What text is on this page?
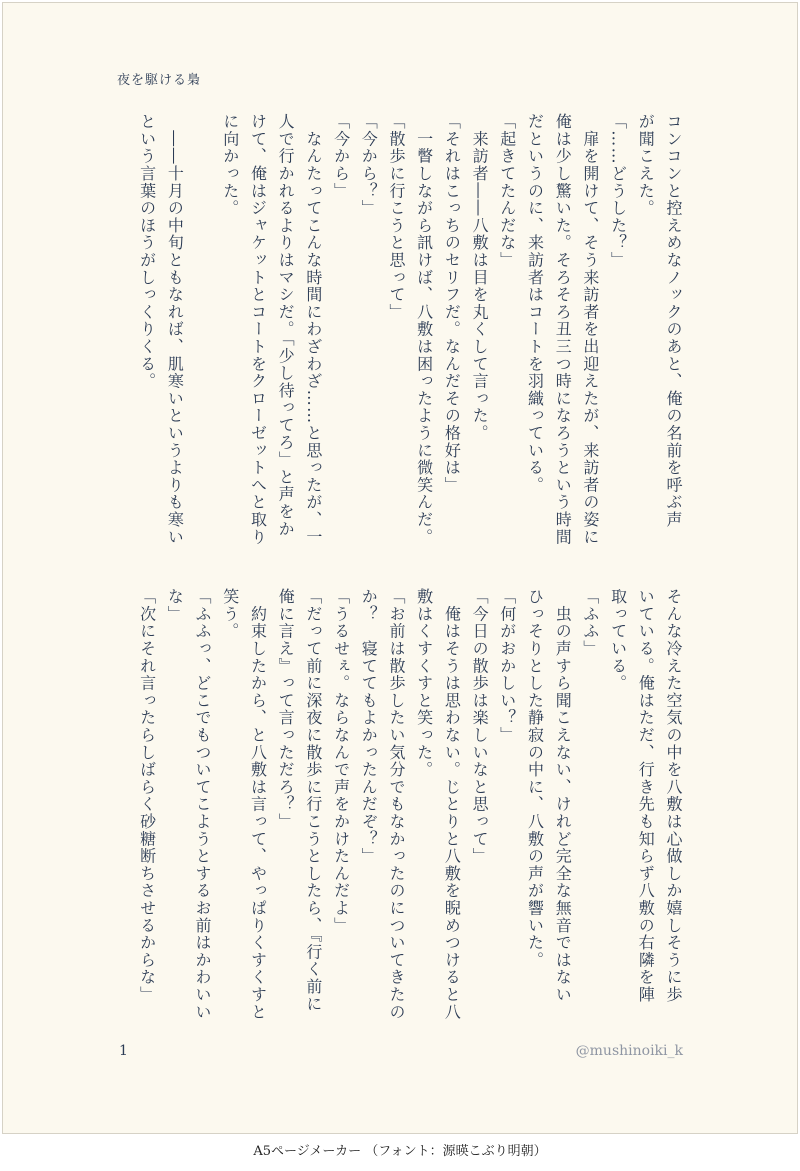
夜を駆ける梟
コンコンと控えめなノックのあと、俺の名前を呼ぶ声
が聞こえた。
「……どうした？」
　扉を開けて、そう来訪者を出迎えたが、来訪者の姿に
俺は少し驚いた。そろそろ丑三つ時になろうという時間
だというのに、来訪者はコートを羽織っている。
「起きてたんだな」
　来訪者――八敷は目を丸くして言った。
「それはこっちのセリフだ。なんだその格好は」
　一瞥しながら訊けば、八敷は困ったように微笑んだ。
「散歩に行こうと思って」
「今から？」
「今から」
　なんたってこんな時間にわざわざ……と思ったが、一
人で行かれるよりはマシだ。「少し待ってろ」と声をか
けて、俺はジャケットとコートをクローゼットへと取り
に向かった。

　――十月の中旬ともなれば、肌寒いというよりも寒い
という言葉のほうがしっくりくる。
そんな冷えた空気の中を八敷は心做しか嬉しそうに歩
いている。俺はただ、行き先も知らず八敷の右隣を陣
取っている。
「ふふ」
　虫の声すら聞こえない、けれど完全な無音ではない
ひっそりとした静寂の中に、八敷の声が響いた。
「何がおかしい？」
「今日の散歩は楽しいなと思って」
　俺はそうは思わない。じとりと八敷を睨めつけると八
敷はくすくすと笑った。
「お前は散歩したい気分でもなかったのについてきたの
か？　寝ててもよかったんだぞ？」
「うるせぇ。ならなんで声をかけたんだよ」
「だって前に深夜に散歩に行こうとしたら、『行く前に
俺に言え』って言っただろ？」
　約束したから、と八敷は言って、やっぱりくすくすと
笑う。
「ふふっ、どこでもついてこようとするお前はかわいい
な」
「次にそれ言ったらしばらく砂糖断ちさせるからな」
1	@mushinoiki_k
A5ページメーカー （フォント：源暎こぶり明朝）
